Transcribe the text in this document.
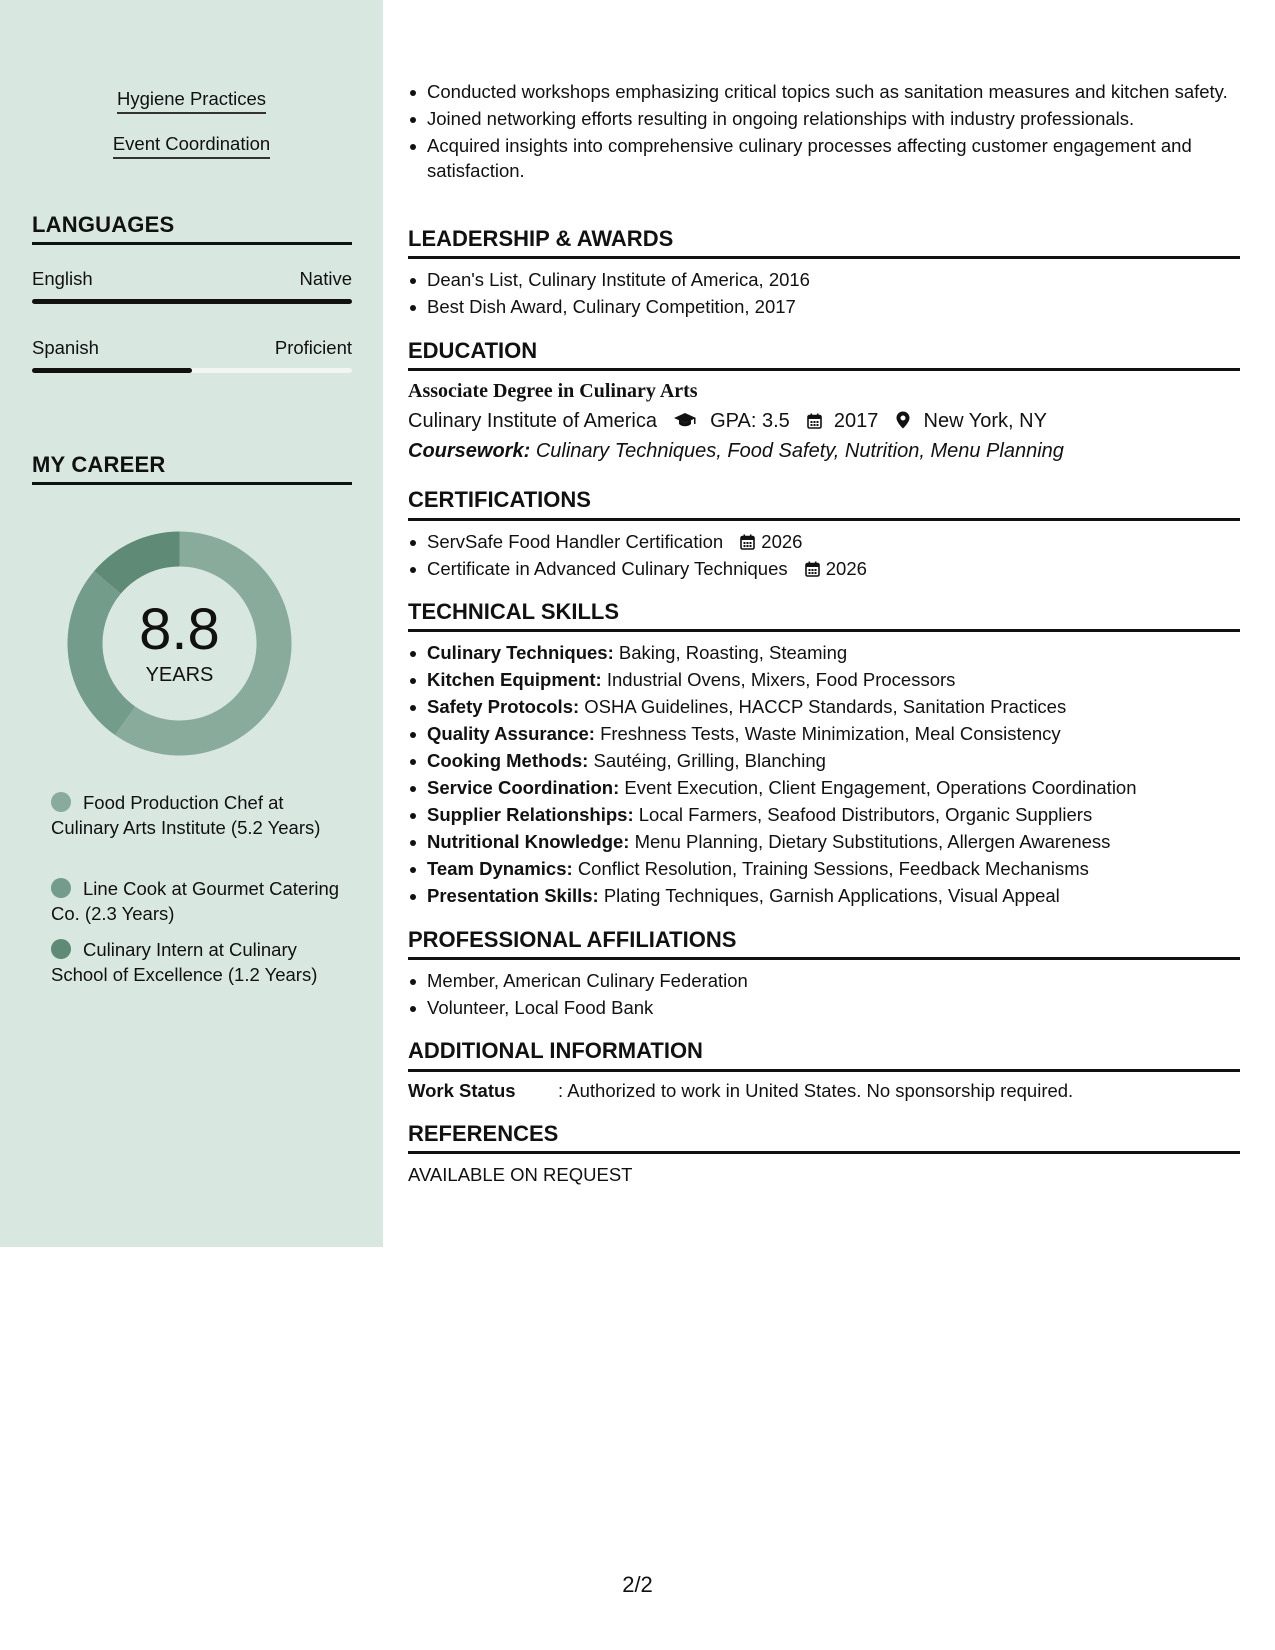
Hygiene Practices
Event Coordination
LANGUAGES
English	Native
Spanish	Proficient
MY CAREER
8.8
YEARS
Food Production Chef at Culinary Arts Institute (5.2 Years)
Line Cook at Gourmet Catering Co. (2.3 Years)
Culinary Intern at Culinary School of Excellence (1.2 Years)
Conducted workshops emphasizing critical topics such as sanitation measures and kitchen safety.
Joined networking efforts resulting in ongoing relationships with industry professionals.
Acquired insights into comprehensive culinary processes affecting customer engagement and satisfaction.
LEADERSHIP & AWARDS
Dean's List, Culinary Institute of America, 2016
Best Dish Award, Culinary Competition, 2017
EDUCATION
Associate Degree in Culinary Arts
Culinary Institute of America	GPA: 3.5 2017 New York, NY
Coursework: Culinary Techniques, Food Safety, Nutrition, Menu Planning
CERTIFICATIONS
ServSafe Food Handler Certification 2026
Certificate in Advanced Culinary Techniques 2026
TECHNICAL SKILLS
Culinary Techniques: Baking, Roasting, Steaming
Kitchen Equipment: Industrial Ovens, Mixers, Food Processors
Safety Protocols: OSHA Guidelines, HACCP Standards, Sanitation Practices
Quality Assurance: Freshness Tests, Waste Minimization, Meal Consistency
Cooking Methods: Sautéing, Grilling, Blanching
Service Coordination: Event Execution, Client Engagement, Operations Coordination
Supplier Relationships: Local Farmers, Seafood Distributors, Organic Suppliers
Nutritional Knowledge: Menu Planning, Dietary Substitutions, Allergen Awareness
Team Dynamics: Conflict Resolution, Training Sessions, Feedback Mechanisms
Presentation Skills: Plating Techniques, Garnish Applications, Visual Appeal
PROFESSIONAL AFFILIATIONS
Member, American Culinary Federation
Volunteer, Local Food Bank
ADDITIONAL INFORMATION
Work Status : Authorized to work in United States. No sponsorship required.
REFERENCES
AVAILABLE ON REQUEST
2/2
